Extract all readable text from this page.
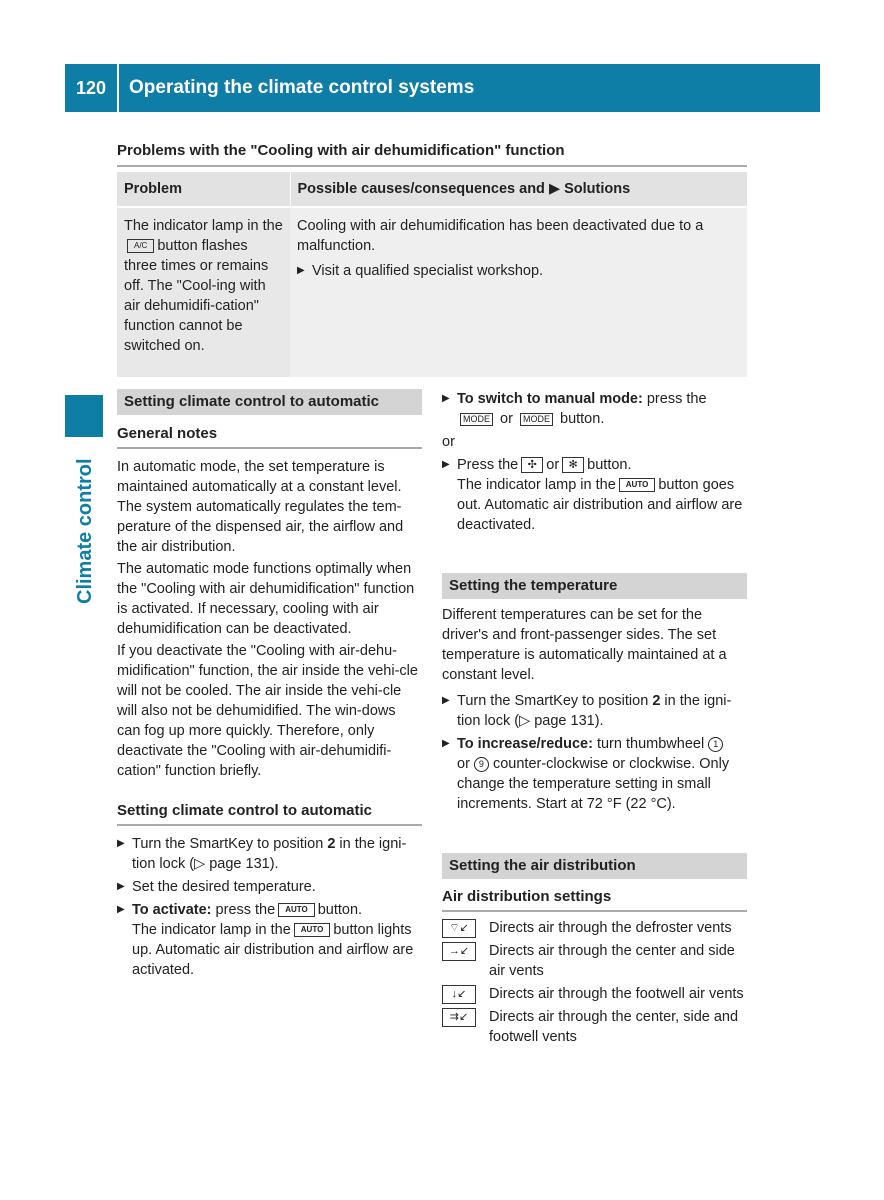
120	Operating the climate control systems
Climate control
Problems with the "Cooling with air dehumidification" function
Problem	Possible causes/consequences and ▶ Solutions
The indicator lamp in theA/C button flashes three times or remains off. The "Cool-ing with air dehumidifi-cation" function cannot be switched on.	Cooling with air dehumidification has been deactivated due to a malfunction.

▶ Visit a qualified specialist workshop.

Setting climate control to automatic
General notes

In automatic mode, the set temperature is maintained automatically at a constant level. The system automatically regulates the tem-perature of the dispensed air, the airflow and the air distribution.

The automatic mode functions optimally when the "Cooling with air dehumidification" function is activated. If necessary, cooling with air dehumidification can be deactivated.

If you deactivate the "Cooling with air-dehu-midification" function, the air inside the vehi-cle will not be cooled. The air inside the vehi-cle will also not be dehumidified. The win-dows can fog up more quickly. Therefore, only deactivate the "Cooling with air-dehumidifi-cation" function briefly.

Setting climate control to automatic
▶ Turn the SmartKey to position 2 in the igni-tion lock (▷ page 131).
▶ Set the desired temperature.
▶ To activate: press the AUTO button.
The indicator lamp in the AUTO button lights up. Automatic air distribution and airflow are activated.
▶ To switch to manual mode: press the
MODE or MODE button.

or

▶ Press the ✣ or ✻ button.
The indicator lamp in the AUTO button goes out. Automatic air distribution and airflow are deactivated.
Setting the temperature

Different temperatures can be set for the driver's and front-passenger sides. The set temperature is automatically maintained at a constant level.

▶ Turn the SmartKey to position 2 in the igni-tion lock (▷ page 131).
▶ To increase/reduce: turn thumbwheel 1
or 9 counter-clockwise or clockwise. Only change the temperature setting in small increments. Start at 72 °F (22 °C).
Setting the air distribution
Air distribution settings
⌔↙	Directs air through the defroster vents
→↙	Directs air through the center and side air vents
↓↙	Directs air through the footwell air vents
⇉↙	Directs air through the center, side and footwell vents
